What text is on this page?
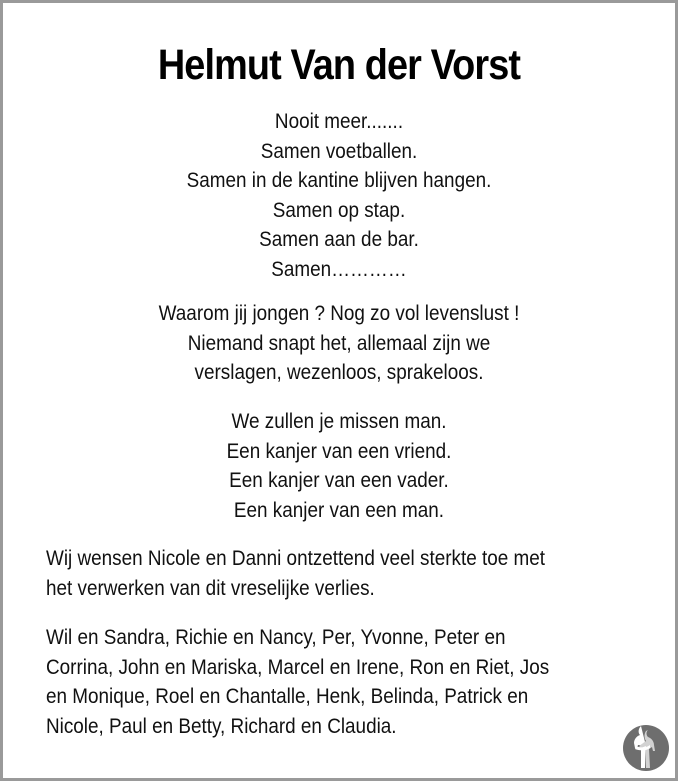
Helmut Van der Vorst
Nooit meer.......
Samen voetballen.
Samen in de kantine blijven hangen.
Samen op stap.
Samen aan de bar.
Samen…………
Waarom jij jongen ? Nog zo vol levenslust !
Niemand snapt het, allemaal zijn we
verslagen, wezenloos, sprakeloos.
We zullen je missen man.
Een kanjer van een vriend.
Een kanjer van een vader.
Een kanjer van een man.
Wij wensen Nicole en Danni ontzettend veel sterkte toe met
het verwerken van dit vreselijke verlies.
Wil en Sandra, Richie en Nancy, Per, Yvonne, Peter en
Corrina, John en Mariska, Marcel en Irene, Ron en Riet, Jos
en Monique, Roel en Chantalle, Henk, Belinda, Patrick en
Nicole, Paul en Betty, Richard en Claudia.
